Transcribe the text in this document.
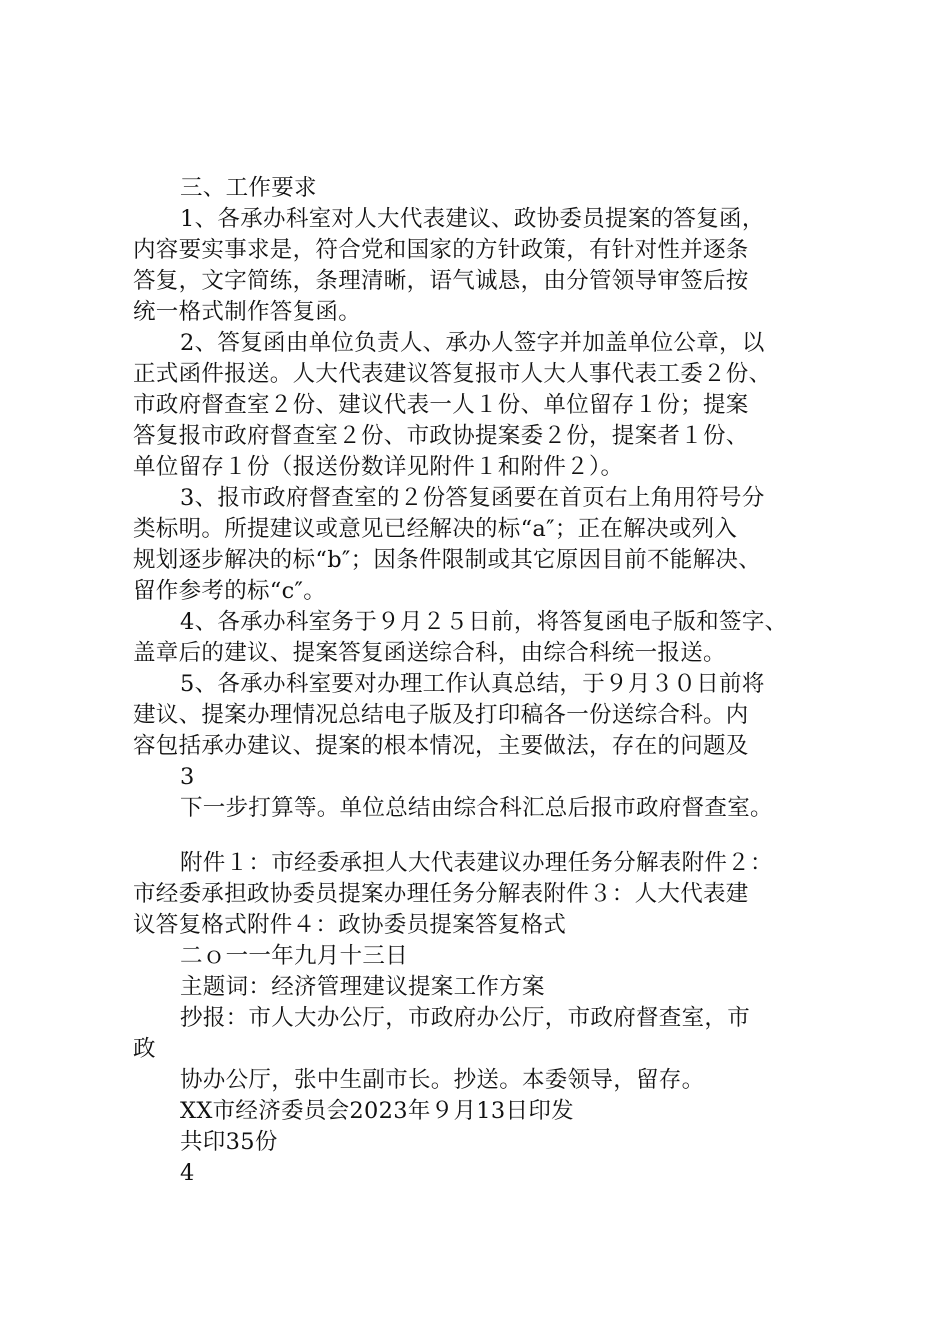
三、工作要求
1、各承办科室对人大代表建议、政协委员提案的答复函，
内容要实事求是，符合党和国家的方针政策，有针对性并逐条
答复，文字简练，条理清晰，语气诚恳，由分管领导审签后按
统一格式制作答复函。
2、答复函由单位负责人、承办人签字并加盖单位公章，以
正式函件报送。人大代表建议答复报市人大人事代表工委２份、
市政府督查室２份、建议代表一人１份、单位留存１份；提案
答复报市政府督查室２份、市政协提案委２份，提案者１份、
单位留存１份（报送份数详见附件１和附件２）。
3、报市政府督查室的２份答复函要在首页右上角用符号分
类标明。所提建议或意见已经解决的标“a″；正在解决或列入
规划逐步解决的标“b″；因条件限制或其它原因目前不能解决、
留作参考的标“c″。
4、各承办科室务于９月２５日前，将答复函电子版和签字、
盖章后的建议、提案答复函送综合科，由综合科统一报送。
5、各承办科室要对办理工作认真总结，于９月３０日前将
建议、提案办理情况总结电子版及打印稿各一份送综合科。内
容包括承办建议、提案的根本情况，主要做法，存在的问题及
3
下一步打算等。单位总结由综合科汇总后报市政府督查室。
附件１：市经委承担人大代表建议办理任务分解表附件２：
市经委承担政协委员提案办理任务分解表附件３：人大代表建
议答复格式附件４：政协委员提案答复格式
二ｏ一一年九月十三日
主题词：经济管理建议提案工作方案
抄报：市人大办公厅，市政府办公厅，市政府督查室，市
政
协办公厅，张中生副市长。抄送。本委领导，留存。
XX市经济委员会2023年９月13日印发
共印35份
4
